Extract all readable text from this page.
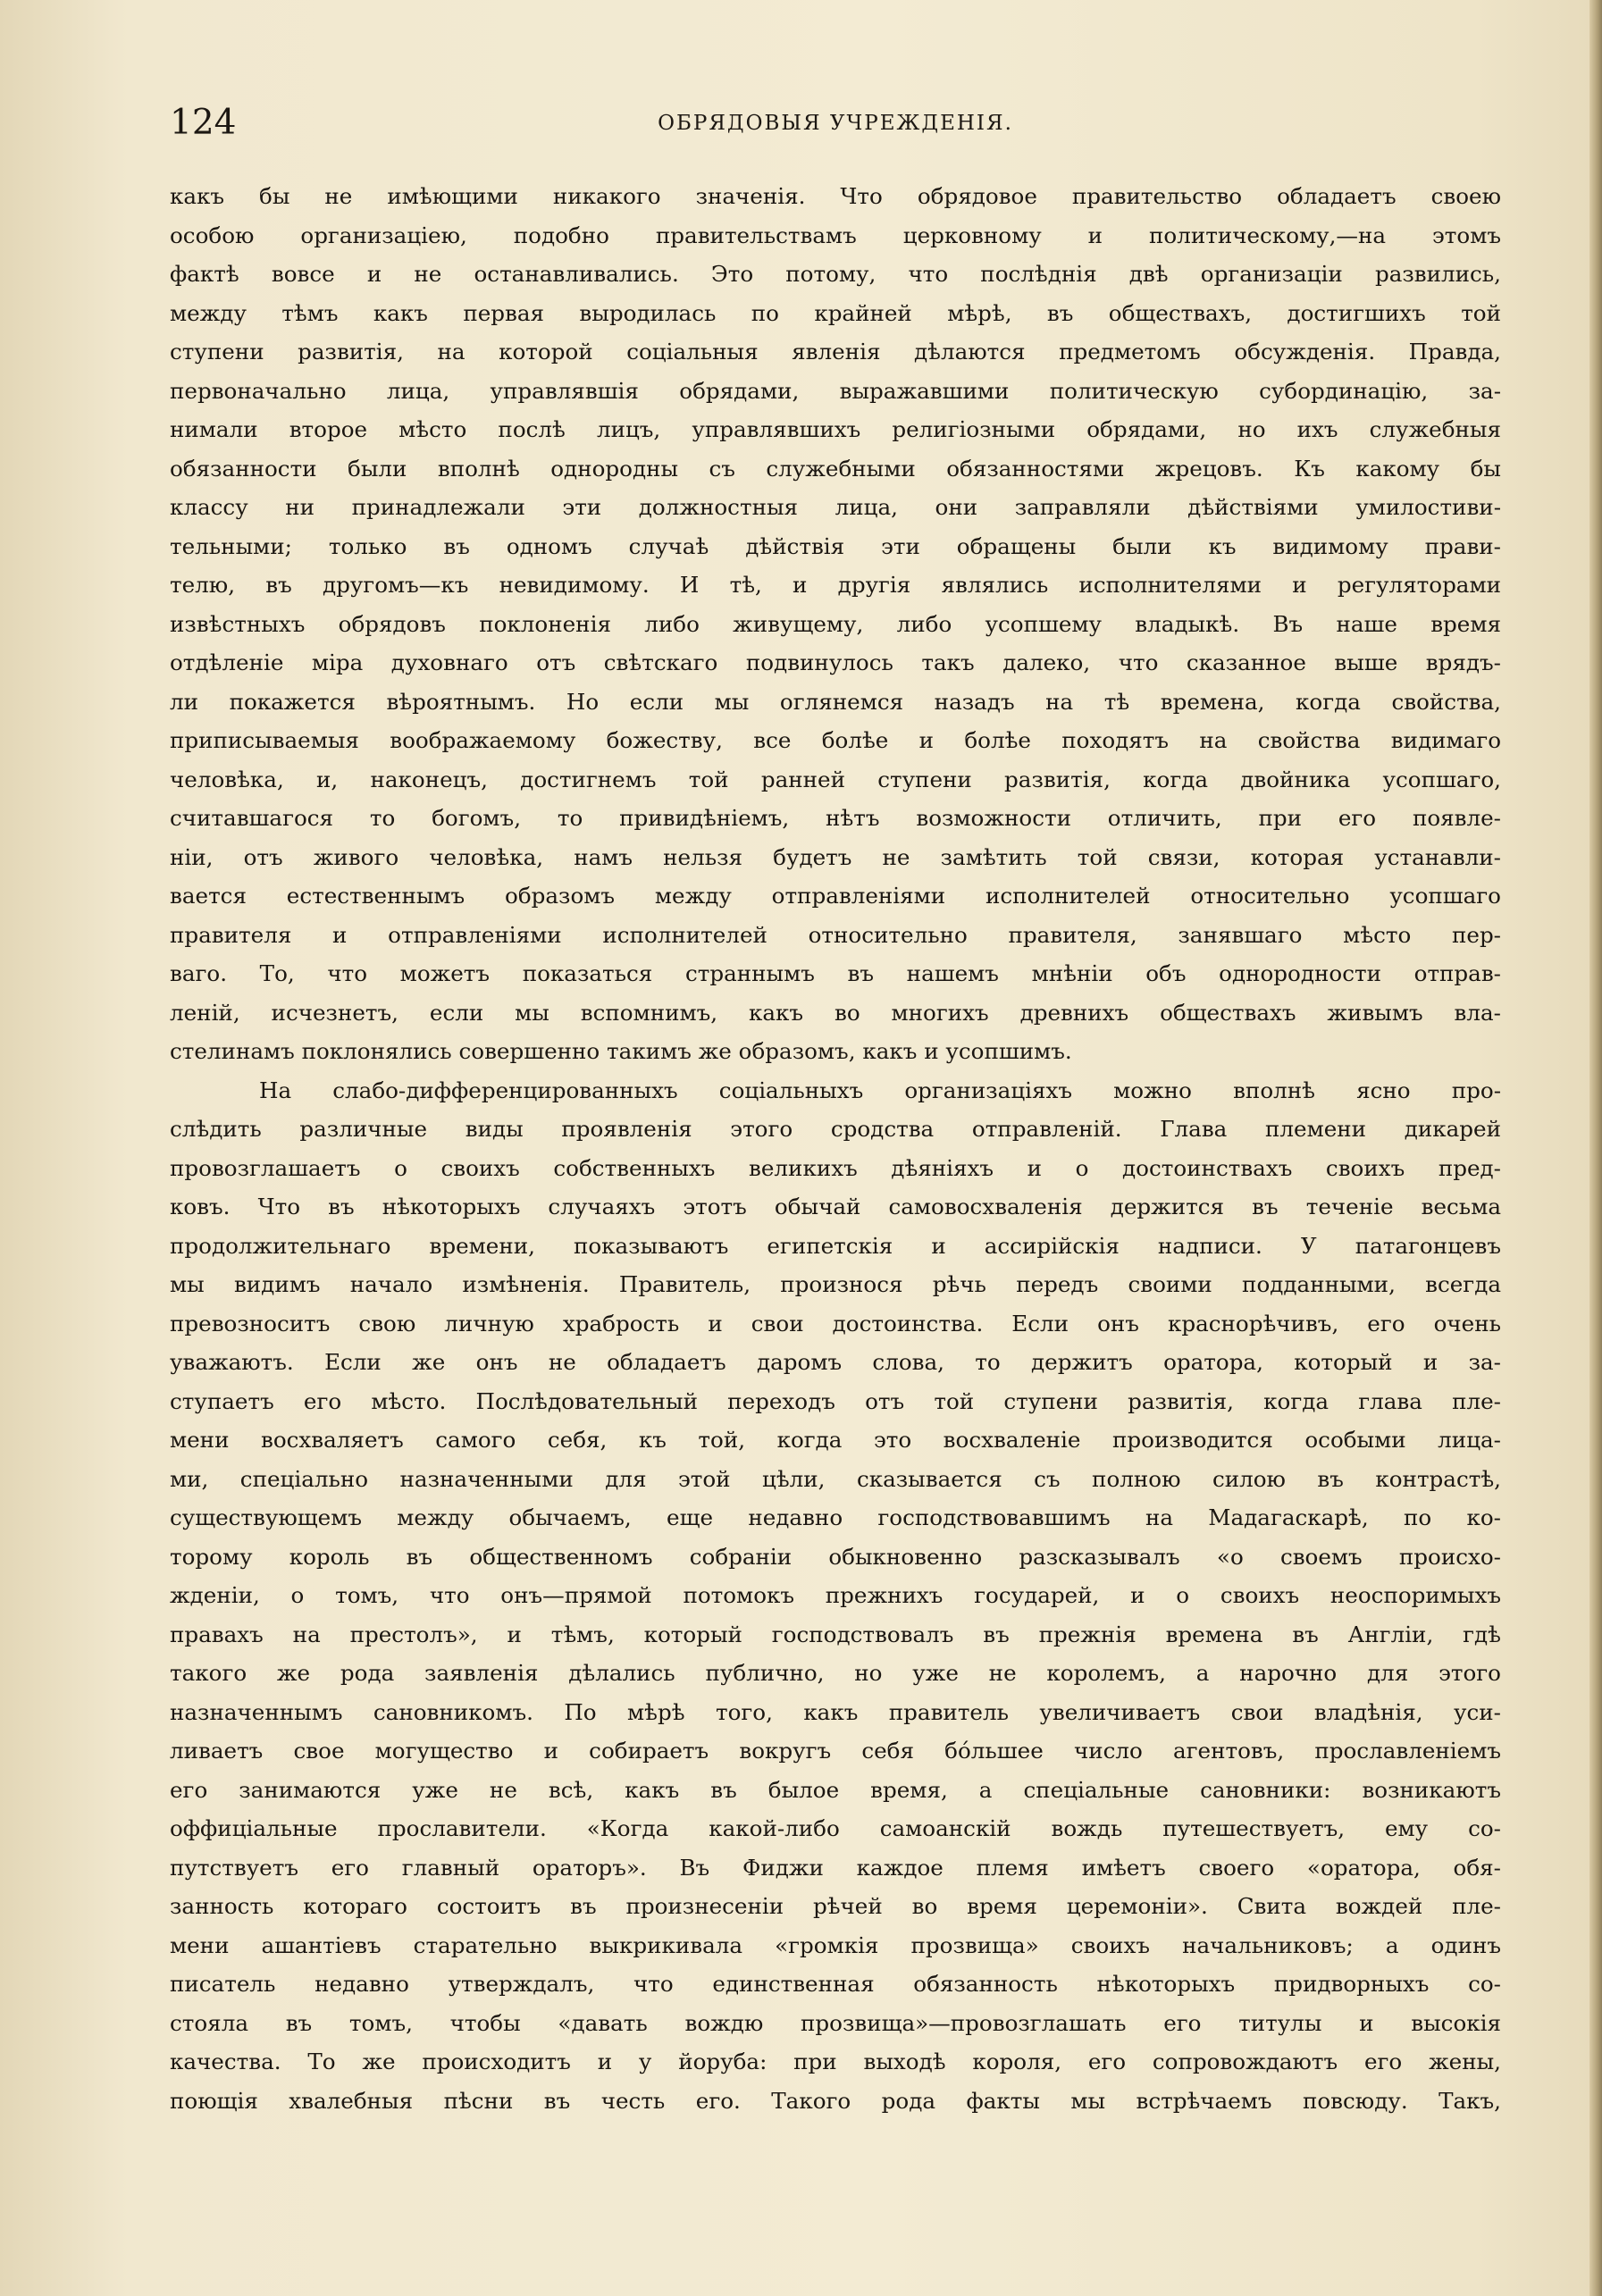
124	ОБРЯДОВЫЯ УЧРЕЖДЕНІЯ.
какъ бы не имѣющими никакого значенія. Что обрядовое правительство обладаетъ своею
особою организаціею, подобно правительствамъ церковному и политическому,—на этомъ
фактѣ вовсе и не останавливались. Это потому, что послѣднія двѣ организаціи развились,
между тѣмъ какъ первая выродилась по крайней мѣрѣ, въ обществахъ, достигшихъ той
ступени развитія, на которой соціальныя явленія дѣлаются предметомъ обсужденія. Правда,
первоначально лица, управлявшія обрядами, выражавшими политическую субординацію, за-
нимали второе мѣсто послѣ лицъ, управлявшихъ религіозными обрядами, но ихъ служебныя
обязанности были вполнѣ однородны съ служебными обязанностями жрецовъ. Къ какому бы
классу ни принадлежали эти должностныя лица, они заправляли дѣйствіями умилостиви-
тельными; только въ одномъ случаѣ дѣйствія эти обращены были къ видимому прави-
телю, въ другомъ—къ невидимому. И тѣ, и другія являлись исполнителями и регуляторами
извѣстныхъ обрядовъ поклоненія либо живущему, либо усопшему владыкѣ. Въ наше время
отдѣленіе міра духовнаго отъ свѣтскаго подвинулось такъ далеко, что сказанное выше врядъ-
ли покажется вѣроятнымъ. Но если мы оглянемся назадъ на тѣ времена, когда свойства,
приписываемыя воображаемому божеству, все болѣе и болѣе походятъ на свойства видимаго
человѣка, и, наконецъ, достигнемъ той ранней ступени развитія, когда двойника усопшаго,
считавшагося то богомъ, то привидѣніемъ, нѣтъ возможности отличить, при его появле-
ніи, отъ живого человѣка, намъ нельзя будетъ не замѣтить той связи, которая устанавли-
вается естественнымъ образомъ между отправленіями исполнителей относительно усопшаго
правителя и отправленіями исполнителей относительно правителя, занявшаго мѣсто пер-
ваго. То, что можетъ показаться страннымъ въ нашемъ мнѣніи объ однородности отправ-
леній, исчезнетъ, если мы вспомнимъ, какъ во многихъ древнихъ обществахъ живымъ вла-
стелинамъ поклонялись совершенно такимъ же образомъ, какъ и усопшимъ.
На слабо-дифференцированныхъ соціальныхъ организаціяхъ можно вполнѣ ясно про-
слѣдить различные виды проявленія этого сродства отправленій. Глава племени дикарей
провозглашаетъ о своихъ собственныхъ великихъ дѣяніяхъ и о достоинствахъ своихъ пред-
ковъ. Что въ нѣкоторыхъ случаяхъ этотъ обычай самовосхваленія держится въ теченіе весьма
продолжительнаго времени, показываютъ египетскія и ассирійскія надписи. У патагонцевъ
мы видимъ начало измѣненія. Правитель, произнося рѣчь передъ своими подданными, всегда
превозноситъ свою личную храбрость и свои достоинства. Если онъ краснорѣчивъ, его очень
уважаютъ. Если же онъ не обладаетъ даромъ слова, то держитъ оратора, который и за-
ступаетъ его мѣсто. Послѣдовательный переходъ отъ той ступени развитія, когда глава пле-
мени восхваляетъ самого себя, къ той, когда это восхваленіе производится особыми лица-
ми, спеціально назначенными для этой цѣли, сказывается съ полною силою въ контрастѣ,
существующемъ между обычаемъ, еще недавно господствовавшимъ на Мадагаскарѣ, по ко-
торому король въ общественномъ собраніи обыкновенно разсказывалъ «о своемъ происхо-
жденіи, о томъ, что онъ—прямой потомокъ прежнихъ государей, и о своихъ неоспоримыхъ
правахъ на престолъ», и тѣмъ, который господствовалъ въ прежнія времена въ Англіи, гдѣ
такого же рода заявленія дѣлались публично, но уже не королемъ, а нарочно для этого
назначеннымъ сановникомъ. По мѣрѣ того, какъ правитель увеличиваетъ свои владѣнія, уси-
ливаетъ свое могущество и собираетъ вокругъ себя бóльшее число агентовъ, прославленіемъ
его занимаются уже не всѣ, какъ въ былое время, а спеціальные сановники: возникаютъ
оффиціальные прославители. «Когда какой-либо самоанскій вождь путешествуетъ, ему со-
путствуетъ его главный ораторъ». Въ Фиджи каждое племя имѣетъ своего «оратора, обя-
занность котораго состоитъ въ произнесеніи рѣчей во время церемоніи». Свита вождей пле-
мени ашантіевъ старательно выкрикивала «громкія прозвища» своихъ начальниковъ; а одинъ
писатель недавно утверждалъ, что единственная обязанность нѣкоторыхъ придворныхъ со-
стояла въ томъ, чтобы «давать вождю прозвища»—провозглашать его титулы и высокія
качества. То же происходитъ и у йоруба: при выходѣ короля, его сопровождаютъ его жены,
поющія хвалебныя пѣсни въ честь его. Такого рода факты мы встрѣчаемъ повсюду. Такъ,
